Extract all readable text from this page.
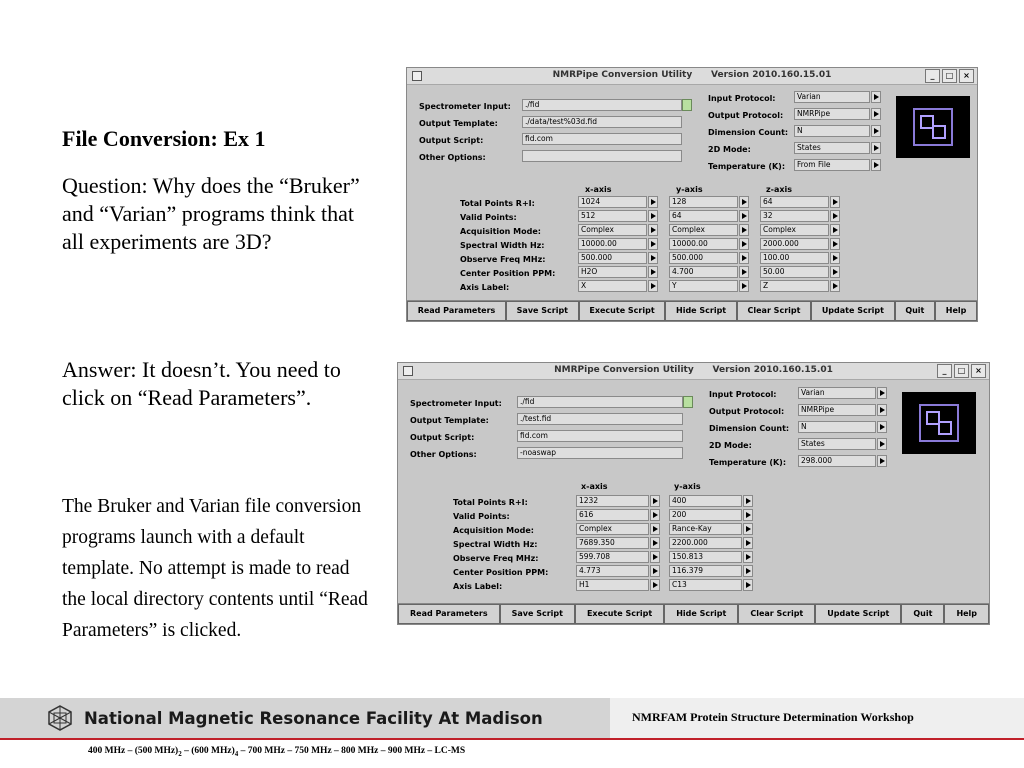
File Conversion: Ex 1
Question: Why does the “Bruker” and “Varian” programs think that all experiments are 3D?
Answer: It doesn’t. You need to click on “Read Parameters”.
The Bruker and Varian file conversion programs launch with a default template. No attempt is made to read the local directory contents until “Read Parameters” is clicked.
NMRPipe Conversion Utility      Version 2010.160.15.01	_	□	×
Spectrometer Input:	./fid
Output Template:	./data/test%03d.fid
Output Script:	fid.com
Other Options:
Input Protocol:	Varian
Output Protocol:	NMRPipe
Dimension Count:	N
2D Mode:	States
Temperature (K):	From File
x-axis	y-axis	z-axis
Total Points R+I:	1024	128	64
Valid Points:	512	64	32
Acquisition Mode:	Complex	Complex	Complex
Spectral Width Hz:	10000.00	10000.00	2000.000
Observe Freq MHz:	500.000	500.000	100.00
Center Position PPM:	H2O	4.700	50.00
Axis Label:	X	Y	Z
Read Parameters	Save Script	Execute Script	Hide Script	Clear Script	Update Script	Quit	Help
NMRPipe Conversion Utility      Version 2010.160.15.01	_	□	×
Spectrometer Input:	./fid
Output Template:	./test.fid
Output Script:	fid.com
Other Options:	-noaswap
Input Protocol:	Varian
Output Protocol:	NMRPipe
Dimension Count:	N
2D Mode:	States
Temperature (K):	298.000
x-axis	y-axis
Total Points R+I:	1232	400
Valid Points:	616	200
Acquisition Mode:	Complex	Rance-Kay
Spectral Width Hz:	7689.350	2200.000
Observe Freq MHz:	599.708	150.813
Center Position PPM:	4.773	116.379
Axis Label:	H1	C13
Read Parameters	Save Script	Execute Script	Hide Script	Clear Script	Update Script	Quit	Help
National Magnetic Resonance Facility At Madison	NMRFAM Protein Structure Determination Workshop
400 MHz – (500 $MHz)_2 - (600$ $MHz)_4 - 700$ MHz – 750 MHz – 800 MHz – 900 MHz – LC-MS
